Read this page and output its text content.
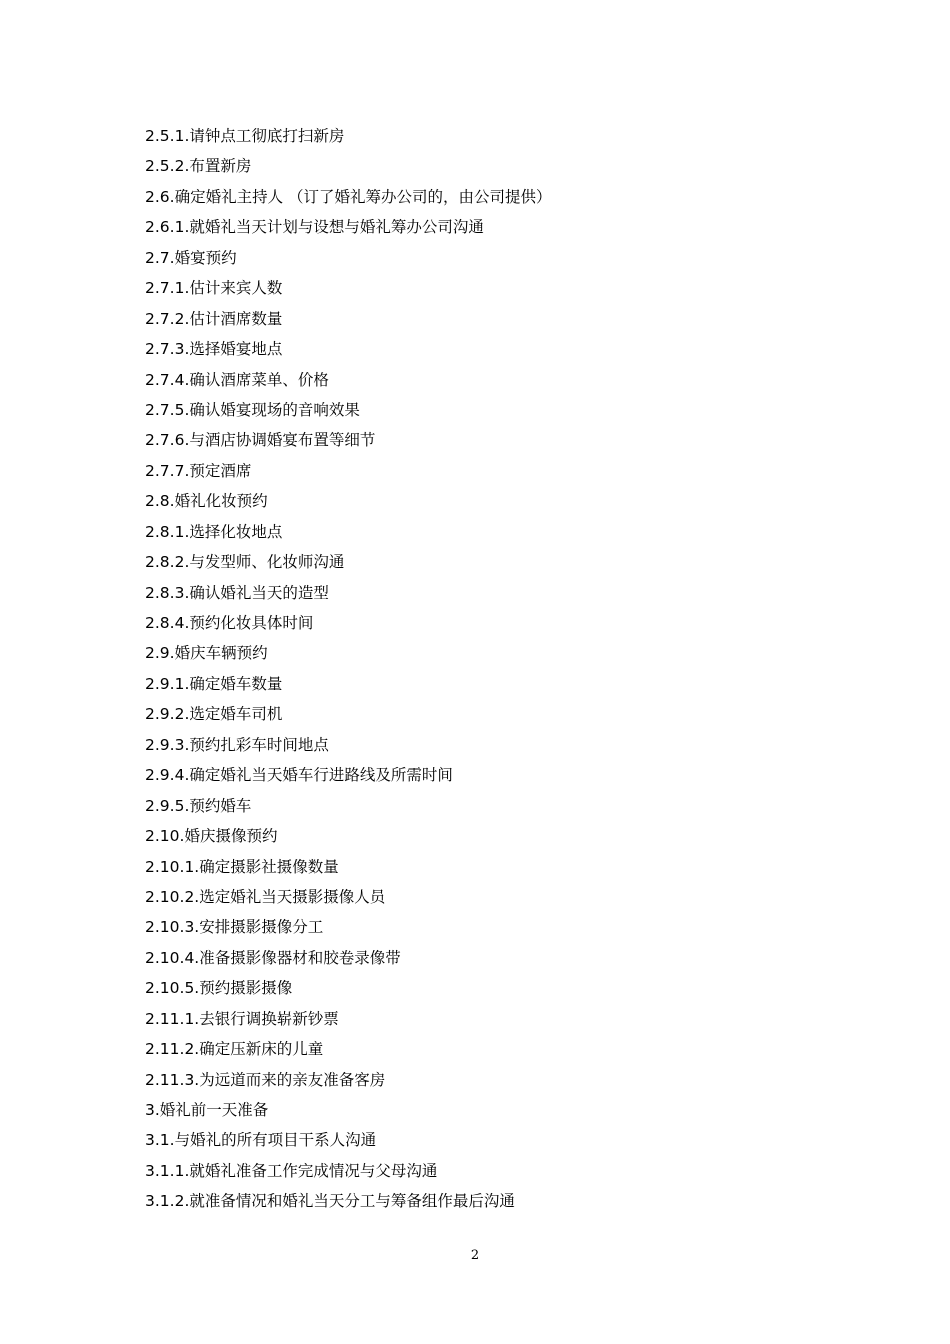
2.5.1.请钟点工彻底打扫新房
2.5.2.布置新房
2.6.确定婚礼主持人 （订了婚礼筹办公司的，由公司提供）
2.6.1.就婚礼当天计划与设想与婚礼筹办公司沟通
2.7.婚宴预约
2.7.1.估计来宾人数
2.7.2.估计酒席数量
2.7.3.选择婚宴地点
2.7.4.确认酒席菜单、价格
2.7.5.确认婚宴现场的音响效果
2.7.6.与酒店协调婚宴布置等细节
2.7.7.预定酒席
2.8.婚礼化妆预约
2.8.1.选择化妆地点
2.8.2.与发型师、化妆师沟通
2.8.3.确认婚礼当天的造型
2.8.4.预约化妆具体时间
2.9.婚庆车辆预约
2.9.1.确定婚车数量
2.9.2.选定婚车司机
2.9.3.预约扎彩车时间地点
2.9.4.确定婚礼当天婚车行进路线及所需时间
2.9.5.预约婚车
2.10.婚庆摄像预约
2.10.1.确定摄影社摄像数量
2.10.2.选定婚礼当天摄影摄像人员
2.10.3.安排摄影摄像分工
2.10.4.准备摄影像器材和胶卷录像带
2.10.5.预约摄影摄像
2.11.1.去银行调换崭新钞票
2.11.2.确定压新床的儿童
2.11.3.为远道而来的亲友准备客房
3.婚礼前一天准备
3.1.与婚礼的所有项目干系人沟通
3.1.1.就婚礼准备工作完成情况与父母沟通
3.1.2.就准备情况和婚礼当天分工与筹备组作最后沟通
2
